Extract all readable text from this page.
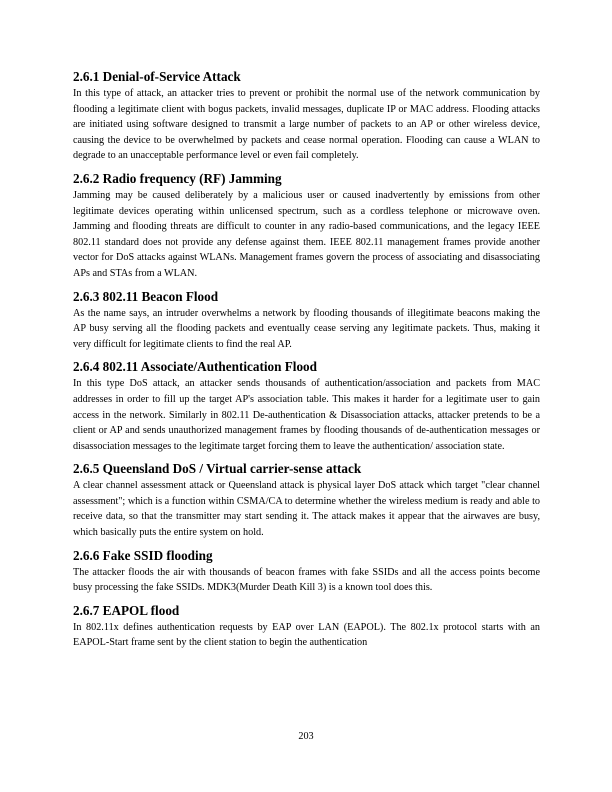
2.6.1 Denial-of-Service Attack

In this type of attack, an attacker tries to prevent or prohibit the normal use of the network communication by flooding a legitimate client with bogus packets, invalid messages, duplicate IP or MAC address. Flooding attacks are initiated using software designed to transmit a large number of packets to an AP or other wireless device, causing the device to be overwhelmed by packets and cease normal operation. Flooding can cause a WLAN to degrade to an unacceptable performance level or even fail completely.

2.6.2 Radio frequency (RF) Jamming

Jamming may be caused deliberately by a malicious user or caused inadvertently by emissions from other legitimate devices operating within unlicensed spectrum, such as a cordless telephone or microwave oven. Jamming and flooding threats are difficult to counter in any radio-based communications, and the legacy IEEE 802.11 standard does not provide any defense against them. IEEE 802.11 management frames provide another vector for DoS attacks against WLANs. Management frames govern the process of associating and disassociating APs and STAs from a WLAN.

2.6.3 802.11 Beacon Flood

As the name says, an intruder overwhelms a network by flooding thousands of illegitimate beacons making the AP busy serving all the flooding packets and eventually cease serving any legitimate packets. Thus, making it very difficult for legitimate clients to find the real AP.

2.6.4 802.11 Associate/Authentication Flood

In this type DoS attack, an attacker sends thousands of authentication/association and packets from MAC addresses in order to fill up the target AP's association table. This makes it harder for a legitimate user to gain access in the network. Similarly in 802.11 De-authentication & Disassociation attacks, attacker pretends to be a client or AP and sends unauthorized management frames by flooding thousands of de-authentication messages or disassociation messages to the legitimate target forcing them to leave the authentication/ association state.

2.6.5 Queensland DoS / Virtual carrier-sense attack

A clear channel assessment attack or Queensland attack is physical layer DoS attack which target "clear channel assessment"; which is a function within CSMA/CA to determine whether the wireless medium is ready and able to receive data, so that the transmitter may start sending it. The attack makes it appear that the airwaves are busy, which basically puts the entire system on hold.

2.6.6 Fake SSID flooding

The attacker floods the air with thousands of beacon frames with fake SSIDs and all the access points become busy processing the fake SSIDs. MDK3(Murder Death Kill 3) is a known tool does this.

2.6.7 EAPOL flood

In 802.11x defines authentication requests by EAP over LAN (EAPOL). The 802.1x protocol starts with an EAPOL-Start frame sent by the client station to begin the authentication

203
